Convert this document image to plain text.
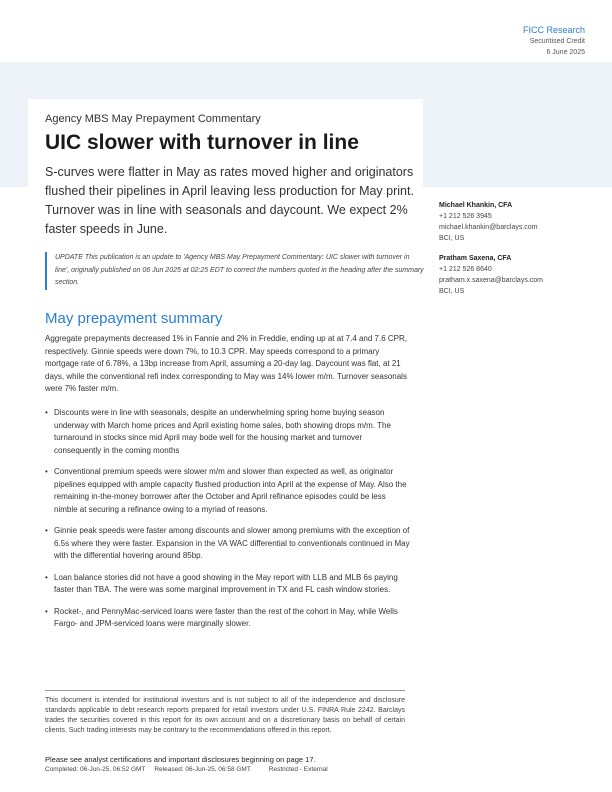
FICC Research
Securitised Credit
6 June 2025
Agency MBS May Prepayment Commentary
UIC slower with turnover in line

S-curves were flatter in May as rates moved higher and originators flushed their pipelines in April leaving less production for May print. Turnover was in line with seasonals and daycount. We expect 2% faster speeds in June.

UPDATE This publication is an update to 'Agency MBS May Prepayment Commentary: UIC slower with turnover in line', originally published on 06 Jun 2025 at 02:25 EDT to correct the numbers quoted in the heading after the summary section.
Michael Khankin, CFA
+1 212 526 3945
michael.khankin@barclays.com
BCI, US
Pratham Saxena, CFA
+1 212 526 8640
pratham.x.saxena@barclays.com
BCI, US
May prepayment summary

Aggregate prepayments decreased 1% in Fannie and 2% in Freddie, ending up at at 7.4 and 7.6 CPR, respectively. Ginnie speeds were down 7%, to 10.3 CPR. May speeds correspond to a primary mortgage rate of 6.78%, a 13bp increase from April, assuming a 20-day lag. Daycount was flat, at 21 days, while the conventional refi index corresponding to May was 14% lower m/m. Turnover seasonals were 7% faster m/m.

• Discounts were in line with seasonals, despite an underwhelming spring home buying season underway with March home prices and April existing home sales, both showing drops m/m. The turnaround in stocks since mid April may bode well for the housing market and turnover consequently in the coming months
• Conventional premium speeds were slower m/m and slower than expected as well, as originator pipelines equipped with ample capacity flushed production into April at the expense of May. Also the remaining in-the-money borrower after the October and April refinance episodes could be less nimble at securing a refinance owing to a myriad of reasons.
• Ginnie peak speeds were faster among discounts and slower among premiums with the exception of 6.5s where they were faster. Expansion in the VA WAC differential to conventionals continued in May with the differential hovering around 85bp.
• Loan balance stories did not have a good showing in the May report with LLB and MLB 6s paying faster than TBA. The were was some marginal improvement in TX and FL cash window stories.
• Rocket-, and PennyMac-serviced loans were faster than the rest of the cohort in May, while Wells Fargo- and JPM-serviced loans were marginally slower.

This document is intended for institutional investors and is not subject to all of the independence and disclosure standards applicable to debt research reports prepared for retail investors under U.S. FINRA Rule 2242. Barclays trades the securities covered in this report for its own account and on a discretionary basis on behalf of certain clients. Such trading interests may be contrary to the recommendations offered in this report.

Please see analyst certifications and important disclosures beginning on page 17.
Completed: 06-Jun-25, 06:52 GMT     Released: 06-Jun-25, 06:58 GMT          Restricted - External
